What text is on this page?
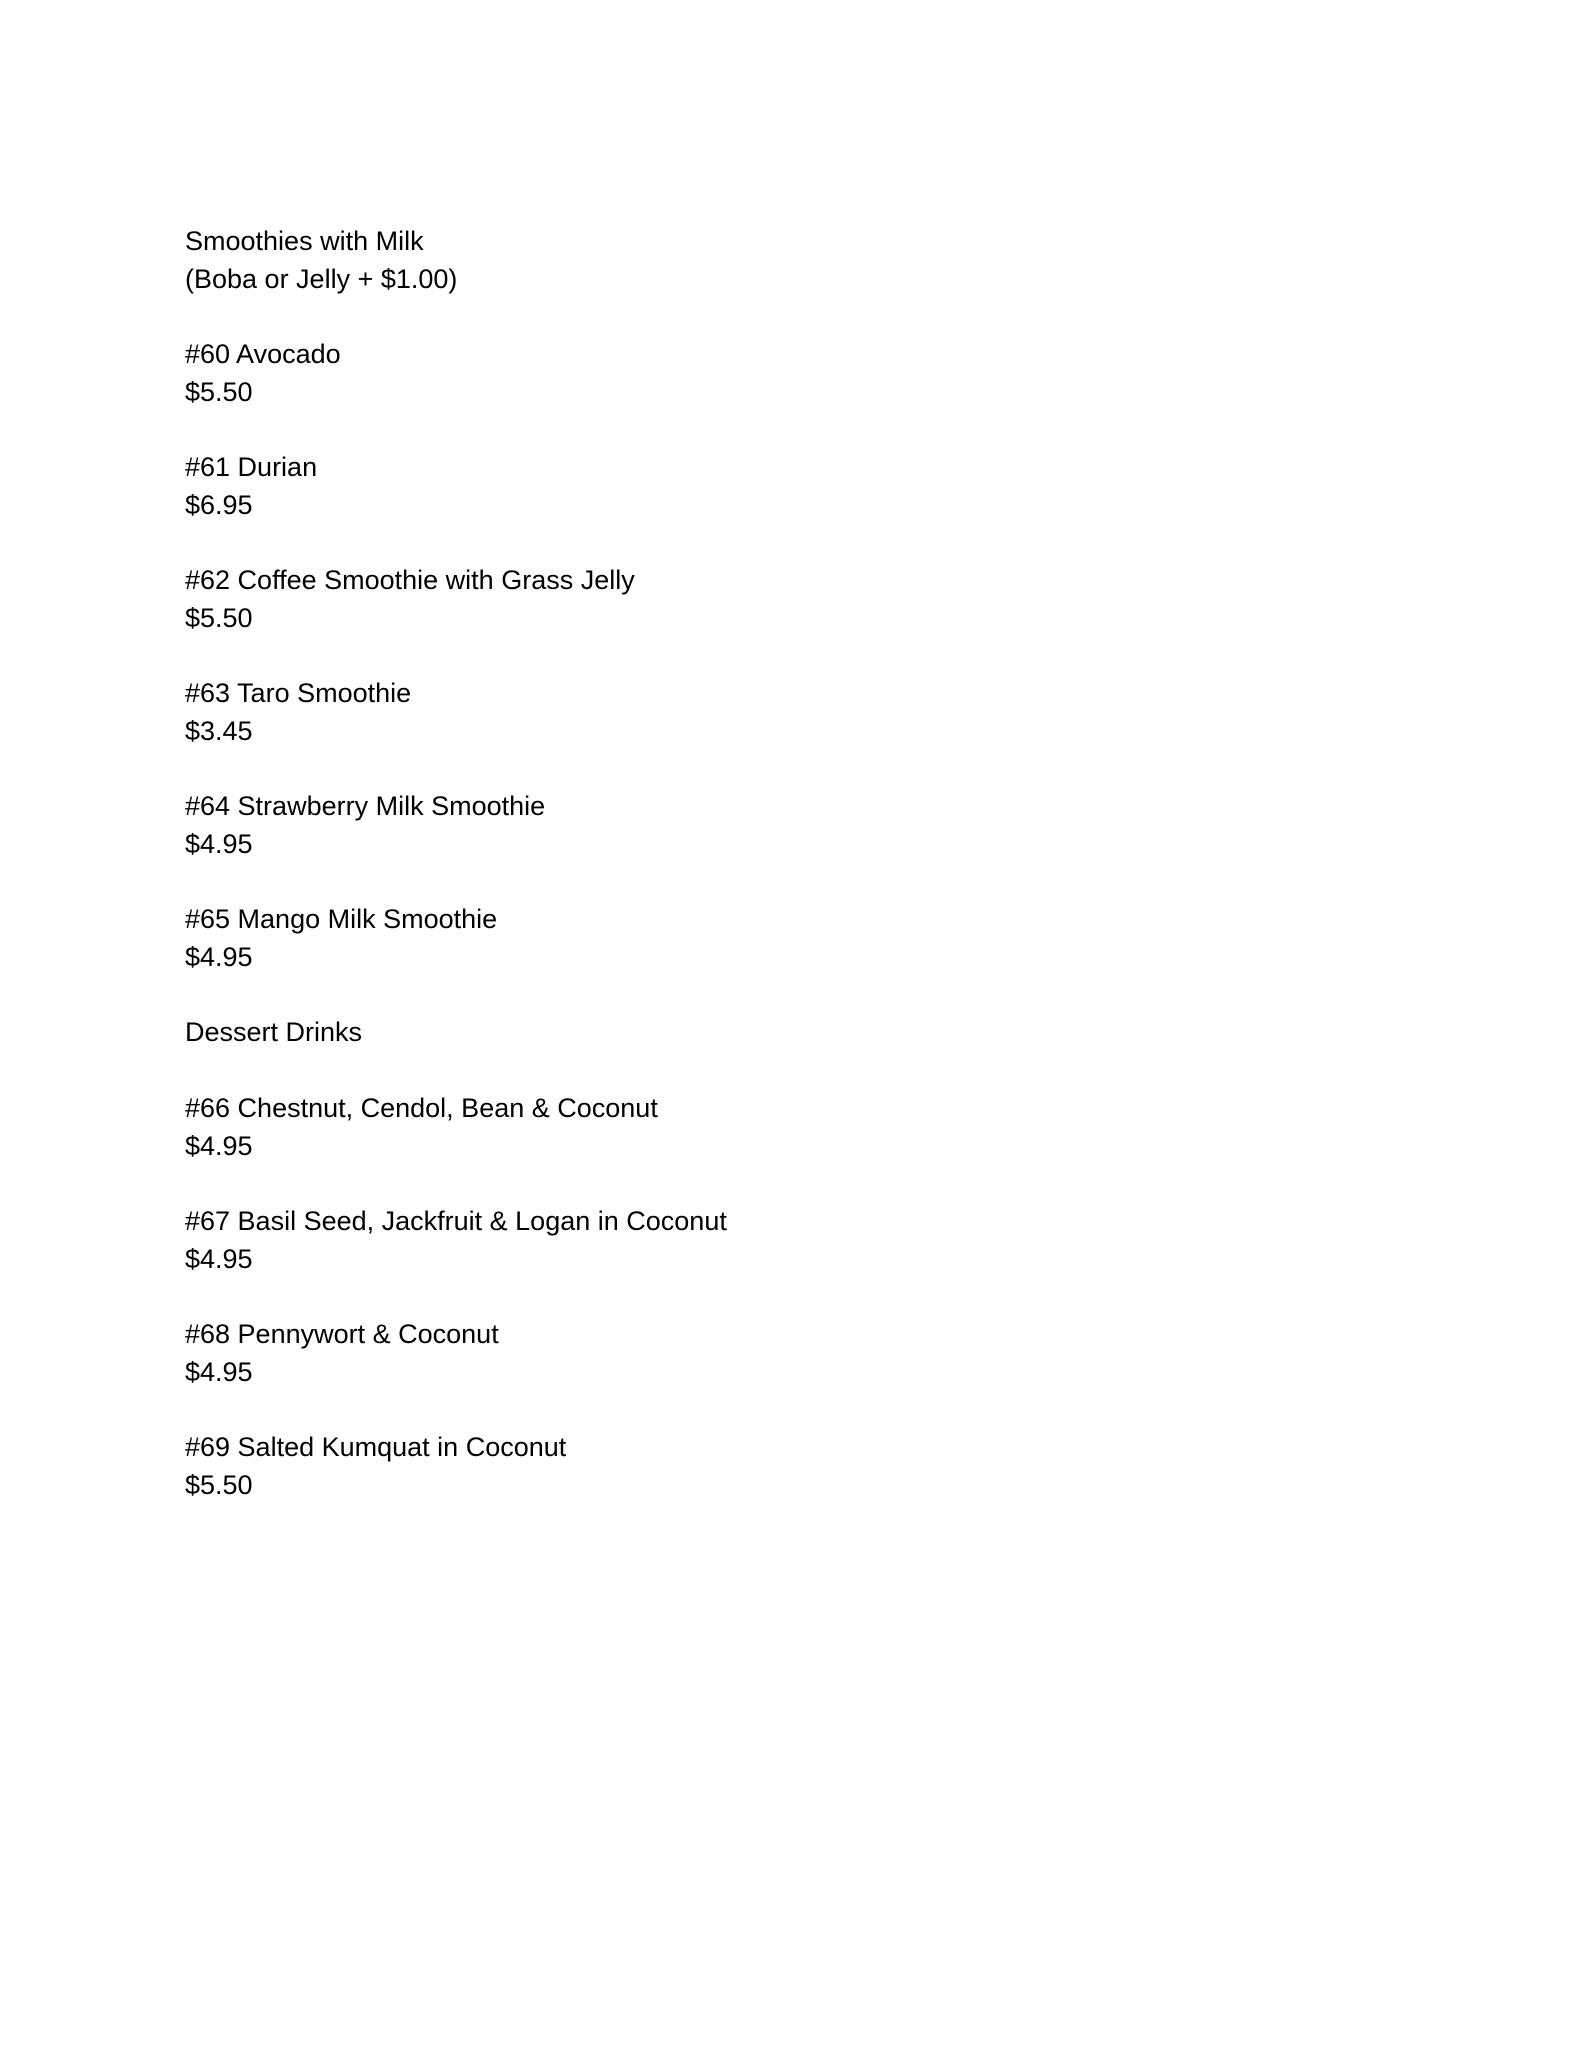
Smoothies with Milk
(Boba or Jelly + $1.00)
#60 Avocado
$5.50
#61 Durian
$6.95
#62 Coffee Smoothie with Grass Jelly
$5.50
#63 Taro Smoothie
$3.45
#64 Strawberry Milk Smoothie
$4.95
#65 Mango Milk Smoothie
$4.95
Dessert Drinks
#66 Chestnut, Cendol, Bean & Coconut
$4.95
#67 Basil Seed, Jackfruit & Logan in Coconut
$4.95
#68 Pennywort & Coconut
$4.95
#69 Salted Kumquat in Coconut
$5.50
